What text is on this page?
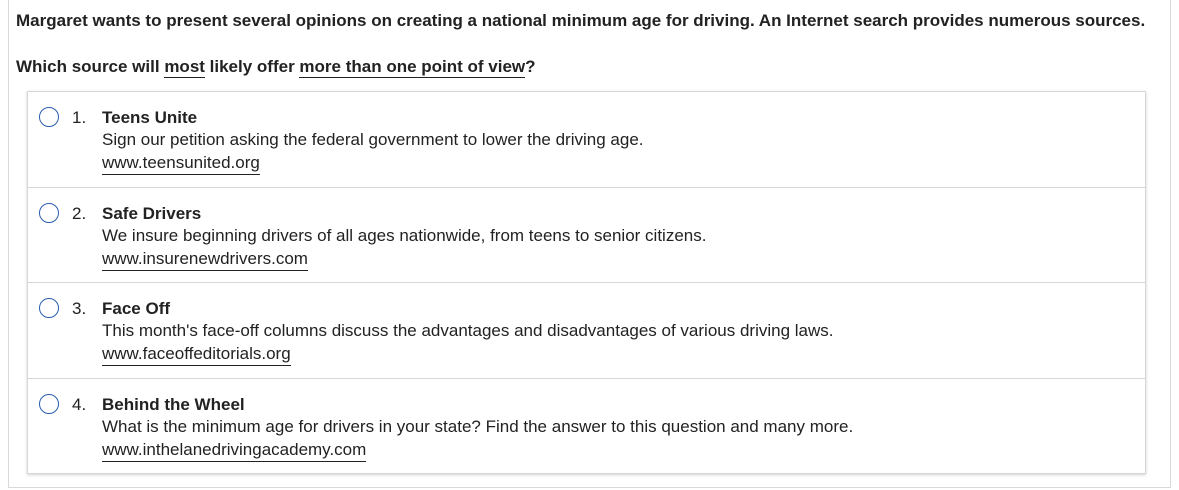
Margaret wants to present several opinions on creating a national minimum age for driving. An Internet search provides numerous sources.
Which source will most likely offer more than one point of view?
1. Teens Unite
Sign our petition asking the federal government to lower the driving age.
www.teensunited.org
2. Safe Drivers
We insure beginning drivers of all ages nationwide, from teens to senior citizens.
www.insurenewdrivers.com
3. Face Off
This month's face-off columns discuss the advantages and disadvantages of various driving laws.
www.faceoffeditorials.org
4. Behind the Wheel
What is the minimum age for drivers in your state? Find the answer to this question and many more.
www.inthelanedrivingacademy.com
